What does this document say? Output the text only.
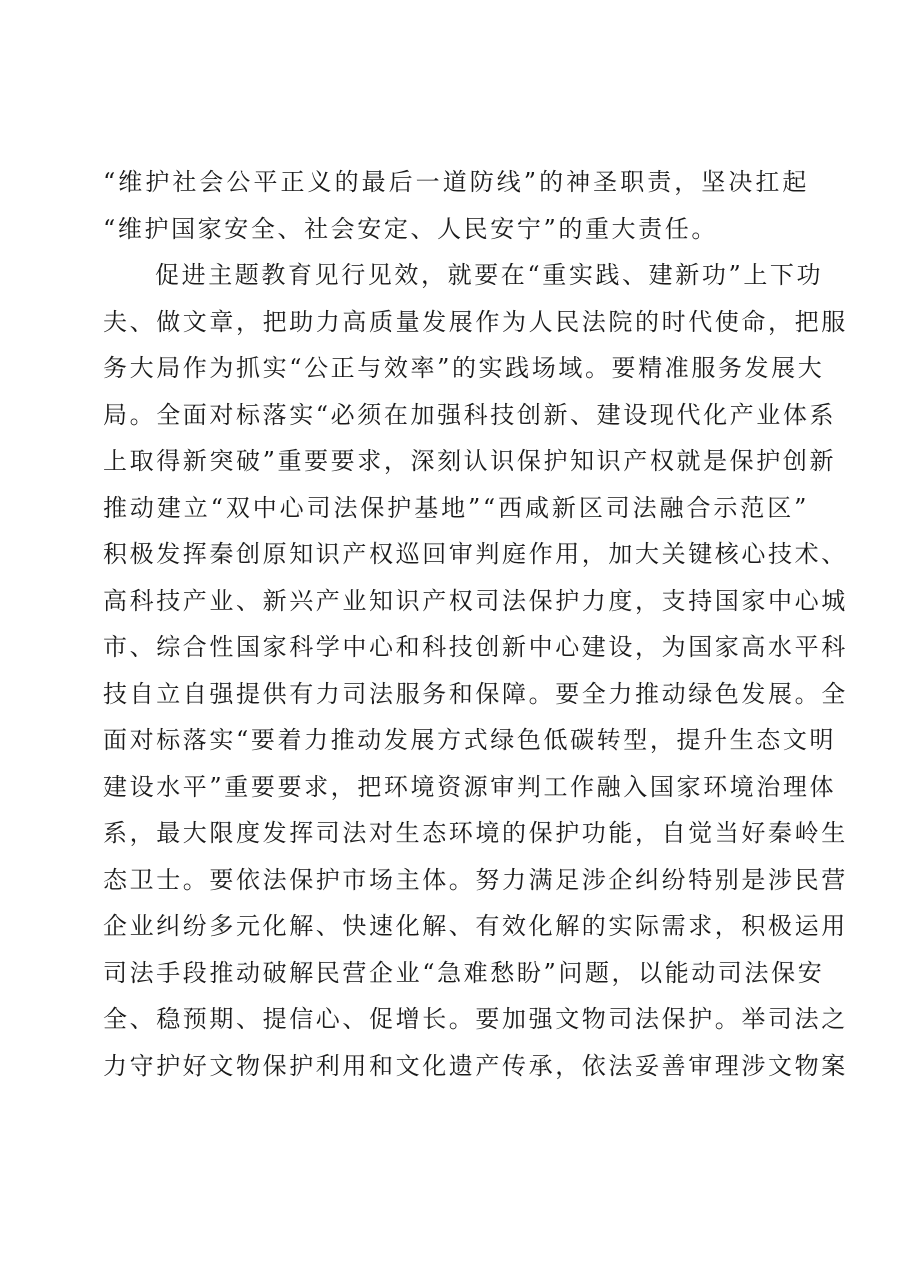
“维护社会公平正义的最后一道防线”的神圣职责，坚决扛起
“维护国家安全、社会安定、人民安宁”的重大责任。
促进主题教育见行见效，就要在“重实践、建新功”上下功
夫、做文章，把助力高质量发展作为人民法院的时代使命，把服
务大局作为抓实“公正与效率”的实践场域。要精准服务发展大
局。全面对标落实“必须在加强科技创新、建设现代化产业体系
上取得新突破”重要要求，深刻认识保护知识产权就是保护创新
推动建立“双中心司法保护基地”“西咸新区司法融合示范区”
积极发挥秦创原知识产权巡回审判庭作用，加大关键核心技术、
高科技产业、新兴产业知识产权司法保护力度，支持国家中心城
市、综合性国家科学中心和科技创新中心建设，为国家高水平科
技自立自强提供有力司法服务和保障。要全力推动绿色发展。全
面对标落实“要着力推动发展方式绿色低碳转型，提升生态文明
建设水平”重要要求，把环境资源审判工作融入国家环境治理体
系，最大限度发挥司法对生态环境的保护功能，自觉当好秦岭生
态卫士。要依法保护市场主体。努力满足涉企纠纷特别是涉民营
企业纠纷多元化解、快速化解、有效化解的实际需求，积极运用
司法手段推动破解民营企业“急难愁盼”问题，以能动司法保安
全、稳预期、提信心、促增长。要加强文物司法保护。举司法之
力守护好文物保护利用和文化遗产传承，依法妥善审理涉文物案
